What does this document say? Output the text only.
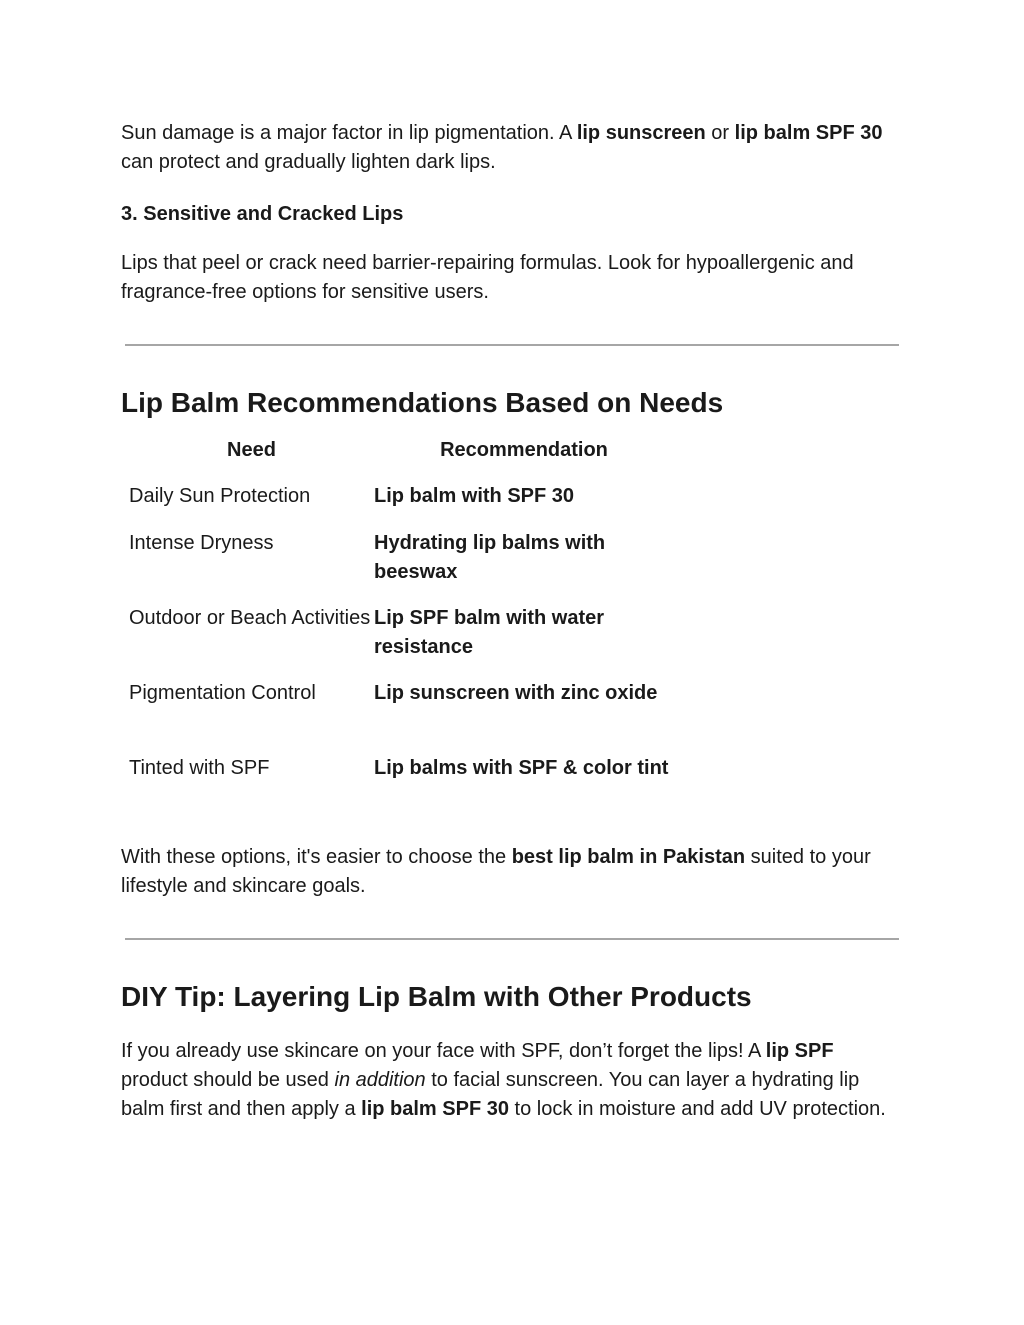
Sun damage is a major factor in lip pigmentation. A lip sunscreen or lip balm SPF 30 can protect and gradually lighten dark lips.

3. Sensitive and Cracked Lips

Lips that peel or crack need barrier-repairing formulas. Look for hypoallergenic and fragrance-free options for sensitive users.

Lip Balm Recommendations Based on Needs
Need	Recommendation
Daily Sun Protection	Lip balm with SPF 30
Intense Dryness	Hydrating lip balms with beeswax
Outdoor or Beach Activities	Lip SPF balm with water resistance
Pigmentation Control	Lip sunscreen with zinc oxide
Tinted with SPF	Lip balms with SPF & color tint

With these options, it's easier to choose the best lip balm in Pakistan suited to your lifestyle and skincare goals.

DIY Tip: Layering Lip Balm with Other Products

If you already use skincare on your face with SPF, don’t forget the lips! A lip SPF product should be used in addition to facial sunscreen. You can layer a hydrating lip balm first and then apply a lip balm SPF 30 to lock in moisture and add UV protection.
